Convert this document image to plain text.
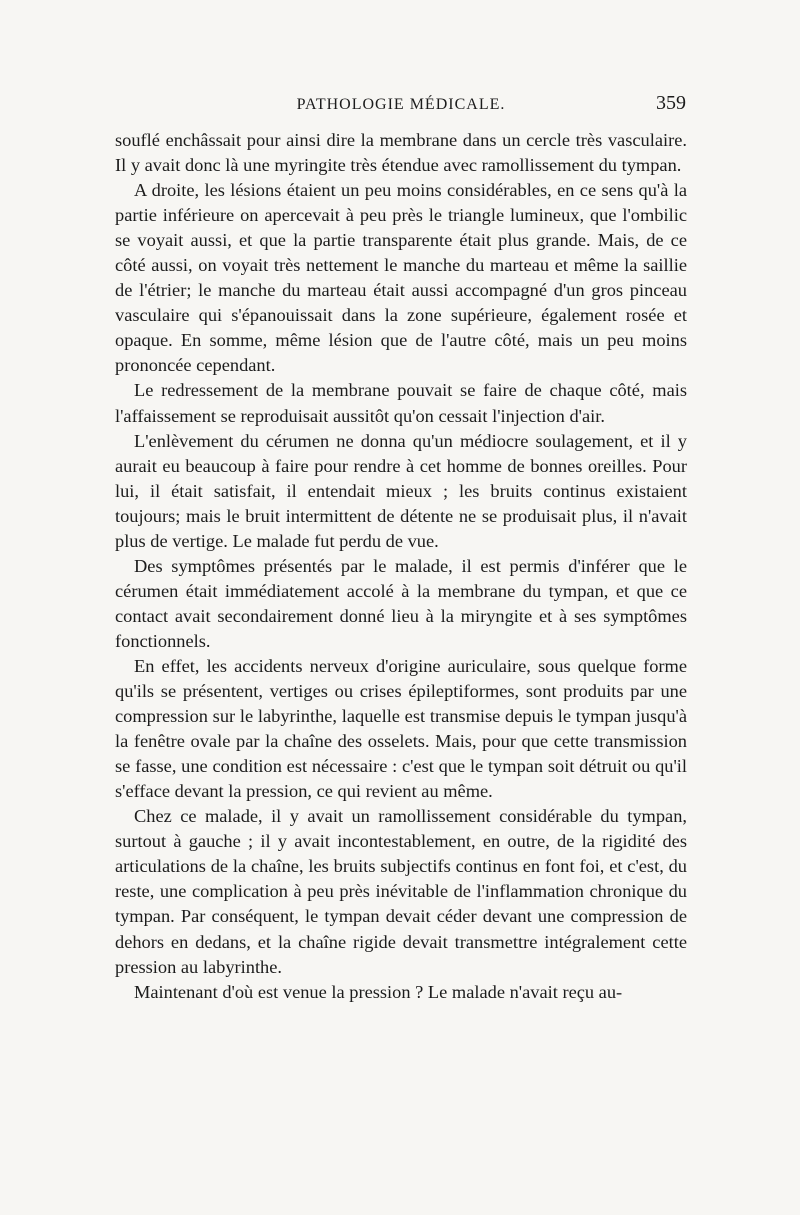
PATHOLOGIE MÉDICALE.	359

souflé enchâssait pour ainsi dire la membrane dans un cercle très vasculaire. Il y avait donc là une myringite très étendue avec ramollissement du tympan.

A droite, les lésions étaient un peu moins considérables, en ce sens qu'à la partie inférieure on apercevait à peu près le triangle lumineux, que l'ombilic se voyait aussi, et que la partie transparente était plus grande. Mais, de ce côté aussi, on voyait très nettement le manche du marteau et même la saillie de l'étrier; le manche du marteau était aussi accompagné d'un gros pinceau vasculaire qui s'épanouissait dans la zone supérieure, également rosée et opaque. En somme, même lésion que de l'autre côté, mais un peu moins prononcée cependant.

Le redressement de la membrane pouvait se faire de chaque côté, mais l'affaissement se reproduisait aussitôt qu'on cessait l'injection d'air.

L'enlèvement du cérumen ne donna qu'un médiocre soulagement, et il y aurait eu beaucoup à faire pour rendre à cet homme de bonnes oreilles. Pour lui, il était satisfait, il entendait mieux ; les bruits continus existaient toujours; mais le bruit intermittent de détente ne se produisait plus, il n'avait plus de vertige. Le malade fut perdu de vue.

Des symptômes présentés par le malade, il est permis d'inférer que le cérumen était immédiatement accolé à la membrane du tympan, et que ce contact avait secondairement donné lieu à la miryngite et à ses symptômes fonctionnels.

En effet, les accidents nerveux d'origine auriculaire, sous quelque forme qu'ils se présentent, vertiges ou crises épileptiformes, sont produits par une compression sur le labyrinthe, laquelle est transmise depuis le tympan jusqu'à la fenêtre ovale par la chaîne des osselets. Mais, pour que cette transmission se fasse, une condition est nécessaire : c'est que le tympan soit détruit ou qu'il s'efface devant la pression, ce qui revient au même.

Chez ce malade, il y avait un ramollissement considérable du tympan, surtout à gauche ; il y avait incontestablement, en outre, de la rigidité des articulations de la chaîne, les bruits subjectifs continus en font foi, et c'est, du reste, une complication à peu près inévitable de l'inflammation chronique du tympan. Par conséquent, le tympan devait céder devant une compression de dehors en dedans, et la chaîne rigide devait transmettre intégralement cette pression au labyrinthe.

Maintenant d'où est venue la pression ? Le malade n'avait reçu au-
